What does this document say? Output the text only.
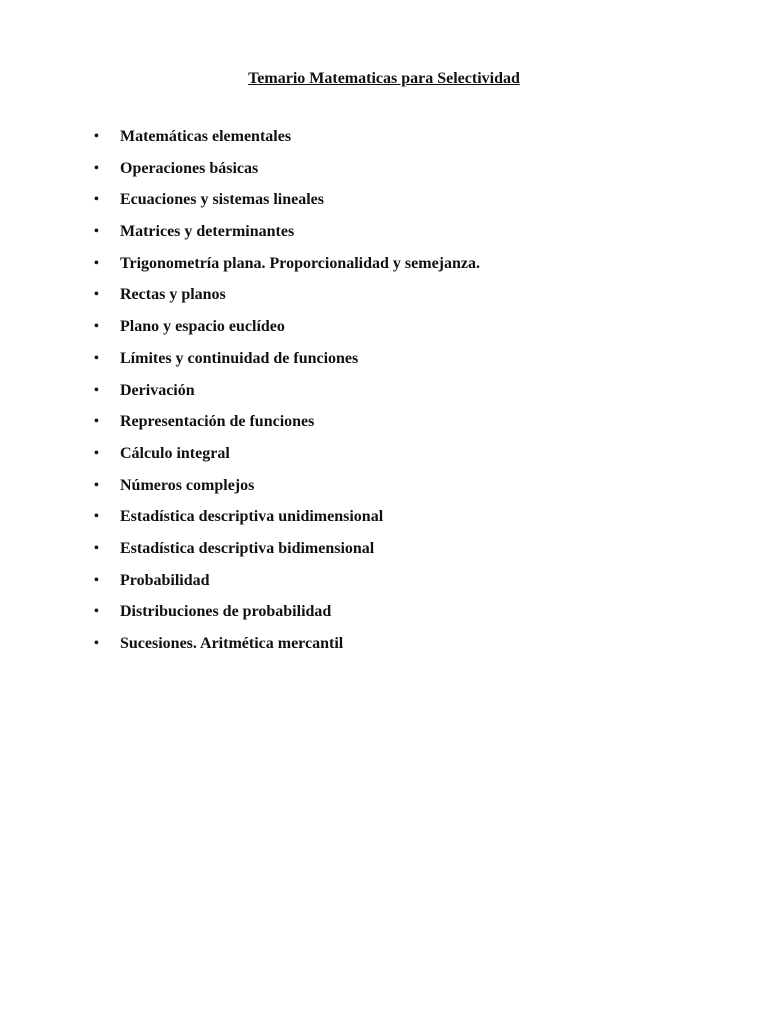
Temario Matematicas para Selectividad
•	Matemáticas elementales
•	Operaciones básicas
•	Ecuaciones y sistemas lineales
•	Matrices y determinantes
•	Trigonometría plana. Proporcionalidad y semejanza.
•	Rectas y planos
•	Plano y espacio euclídeo
•	Límites y continuidad de funciones
•	Derivación
•	Representación de funciones
•	Cálculo integral
•	Números complejos
•	Estadística descriptiva unidimensional
•	Estadística descriptiva bidimensional
•	Probabilidad
•	Distribuciones de probabilidad
•	Sucesiones. Aritmética mercantil
